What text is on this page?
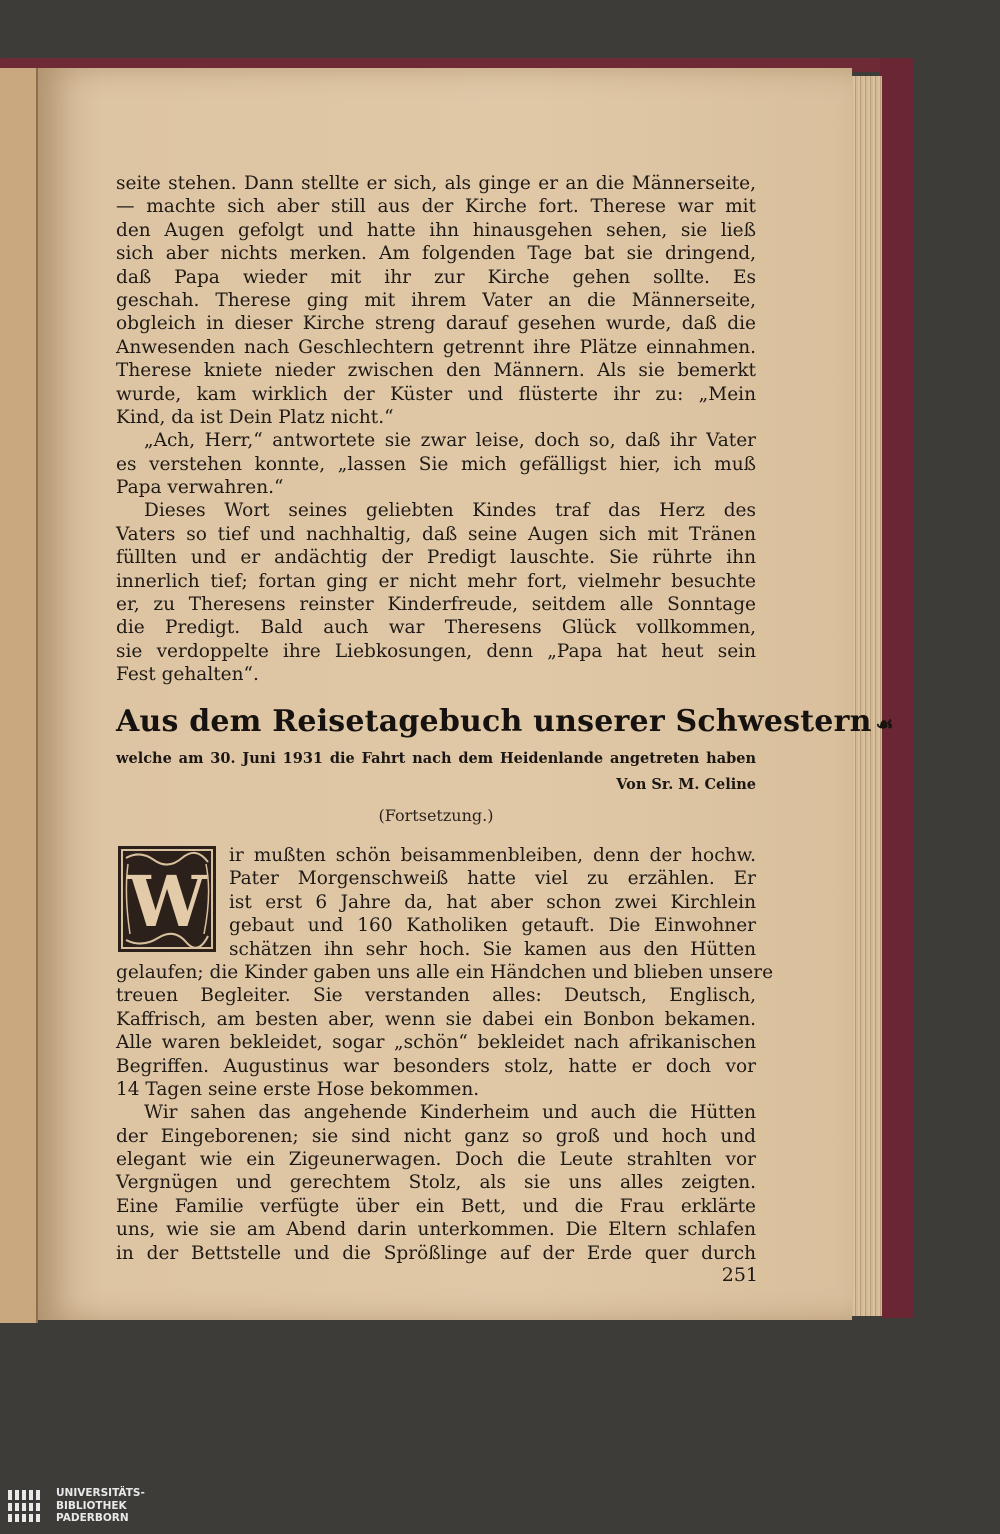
seite stehen. Dann stellte er sich, als ginge er an die Männerseite,
— machte sich aber still aus der Kirche fort. Therese war mit
den Augen gefolgt und hatte ihn hinausgehen sehen, sie ließ
sich aber nichts merken. Am folgenden Tage bat sie dringend,
daß Papa wieder mit ihr zur Kirche gehen sollte. Es
geschah. Therese ging mit ihrem Vater an die Männerseite,
obgleich in dieser Kirche streng darauf gesehen wurde, daß die
Anwesenden nach Geschlechtern getrennt ihre Plätze einnahmen.
Therese kniete nieder zwischen den Männern. Als sie bemerkt
wurde, kam wirklich der Küster und flüsterte ihr zu: „Mein
Kind, da ist Dein Platz nicht.“
„Ach, Herr,“ antwortete sie zwar leise, doch so, daß ihr Vater
es verstehen konnte, „lassen Sie mich gefälligst hier, ich muß
Papa verwahren.“
Dieses Wort seines geliebten Kindes traf das Herz des
Vaters so tief und nachhaltig, daß seine Augen sich mit Tränen
füllten und er andächtig der Predigt lauschte. Sie rührte ihn
innerlich tief; fortan ging er nicht mehr fort, vielmehr besuchte
er, zu Theresens reinster Kinderfreude, seitdem alle Sonntage
die Predigt. Bald auch war Theresens Glück vollkommen,
sie verdoppelte ihre Liebkosungen, denn „Papa hat heut sein
Fest gehalten“.
Aus dem Reisetagebuch unserer Schwestern ☙
welche am 30. Juni 1931 die Fahrt nach dem Heidenlande angetreten haben
Von Sr. M. Celine
(Fortsetzung.)
W
ir mußten schön beisammenbleiben, denn der hochw.
Pater Morgenschweiß hatte viel zu erzählen. Er
ist erst 6 Jahre da, hat aber schon zwei Kirchlein
gebaut und 160 Katholiken getauft. Die Einwohner
schätzen ihn sehr hoch. Sie kamen aus den Hütten
gelaufen; die Kinder gaben uns alle ein Händchen und blieben unsere
treuen Begleiter. Sie verstanden alles: Deutsch, Englisch,
Kaffrisch, am besten aber, wenn sie dabei ein Bonbon bekamen.
Alle waren bekleidet, sogar „schön“ bekleidet nach afrikanischen
Begriffen. Augustinus war besonders stolz, hatte er doch vor
14 Tagen seine erste Hose bekommen.
Wir sahen das angehende Kinderheim und auch die Hütten
der Eingeborenen; sie sind nicht ganz so groß und hoch und
elegant wie ein Zigeunerwagen. Doch die Leute strahlten vor
Vergnügen und gerechtem Stolz, als sie uns alles zeigten.
Eine Familie verfügte über ein Bett, und die Frau erklärte
uns, wie sie am Abend darin unterkommen. Die Eltern schlafen
in der Bettstelle und die Sprößlinge auf der Erde quer durch
251
UNIVERSITÄTS-
BIBLIOTHEK
PADERBORN
